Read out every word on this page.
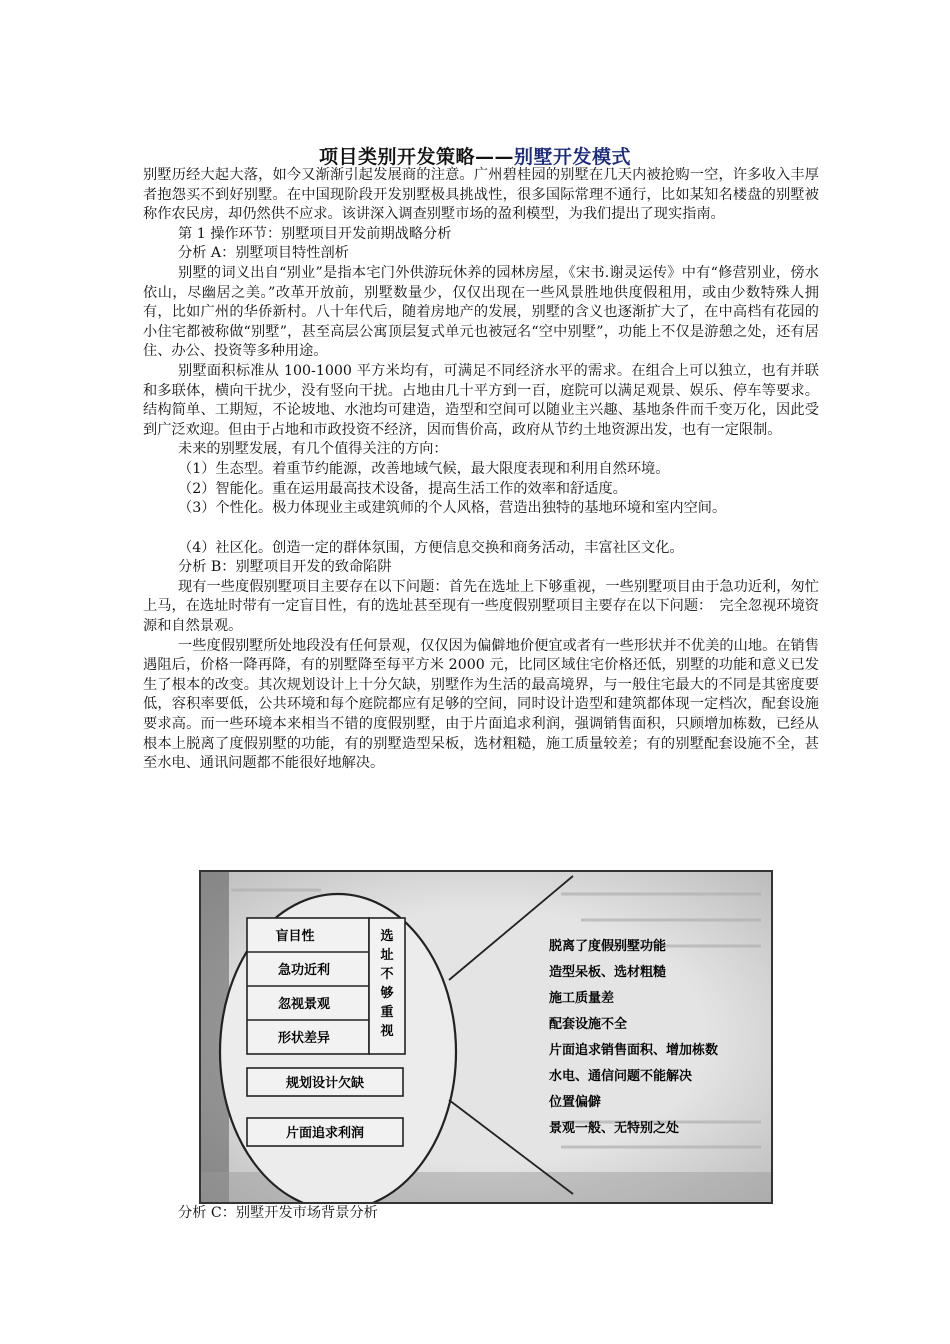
项目类别开发策略——别墅开发模式

别墅历经大起大落，如今又渐渐引起发展商的注意。广州碧桂园的别墅在几天内被抢购一空，许多收入丰厚者抱怨买不到好别墅。在中国现阶段开发别墅极具挑战性，很多国际常理不通行，比如某知名楼盘的别墅被称作农民房，却仍然供不应求。该讲深入调查别墅市场的盈利模型，为我们提出了现实指南。

第 1 操作环节：别墅项目开发前期战略分析

分析 A：别墅项目特性剖析

别墅的词义出自“别业”是指本宅门外供游玩休养的园林房屋，《宋书.谢灵运传》中有“修营别业，傍水依山，尽幽居之美。”改革开放前，别墅数量少，仅仅出现在一些风景胜地供度假租用，或由少数特殊人拥有，比如广州的华侨新村。八十年代后，随着房地产的发展，别墅的含义也逐渐扩大了，在中高档有花园的小住宅都被称做“别墅”，甚至高层公寓顶层复式单元也被冠名“空中别墅”，功能上不仅是游憩之处，还有居住、办公、投资等多种用途。

别墅面积标准从 100-1000 平方米均有，可满足不同经济水平的需求。在组合上可以独立，也有并联和多联体，横向干扰少，没有竖向干扰。占地由几十平方到一百，庭院可以满足观景、娱乐、停车等要求。结构简单、工期短，不论坡地、水池均可建造，造型和空间可以随业主兴趣、基地条件而千变万化，因此受到广泛欢迎。但由于占地和市政投资不经济，因而售价高，政府从节约土地资源出发，也有一定限制。

未来的别墅发展，有几个值得关注的方向：

（1）生态型。着重节约能源，改善地域气候，最大限度表现和利用自然环境。

（2）智能化。重在运用最高技术设备，提高生活工作的效率和舒适度。

（3）个性化。极力体现业主或建筑师的个人风格，营造出独特的基地环境和室内空间。

（4）社区化。创造一定的群体氛围，方便信息交换和商务活动，丰富社区文化。

分析 B：别墅项目开发的致命陷阱

现有一些度假别墅项目主要存在以下问题：首先在选址上下够重视，一些别墅项目由于急功近利，匆忙上马，在选址时带有一定盲目性，有的选址甚至现有一些度假别墅项目主要存在以下问题：　完全忽视环境资源和自然景观。

一些度假别墅所处地段没有任何景观，仅仅因为偏僻地价便宜或者有一些形状并不优美的山地。在销售遇阻后，价格一降再降，有的别墅降至每平方米 2000 元，比同区域住宅价格还低，别墅的功能和意义已发生了根本的改变。其次规划设计上十分欠缺，别墅作为生活的最高境界，与一般住宅最大的不同是其密度要低，容积率要低，公共环境和每个庭院都应有足够的空间，同时设计造型和建筑都体现一定档次，配套设施要求高。而一些环境本来相当不错的度假别墅，由于片面追求利润，强调销售面积，只顾增加栋数，已经从根本上脱离了度假别墅的功能，有的别墅造型呆板，选材粗糙，施工质量较差；有的别墅配套设施不全，甚至水电、通讯问题都不能很好地解决。

盲目性
急功近利
忽视景观
形状差异
选
址
不
够
重
视
规划设计欠缺
片面追求利润
脱离了度假别墅功能
造型呆板、选材粗糙
施工质量差
配套设施不全
片面追求销售面积、增加栋数
水电、通信问题不能解决
位置偏僻
景观一般、无特别之处
分析 C：别墅开发市场背景分析
